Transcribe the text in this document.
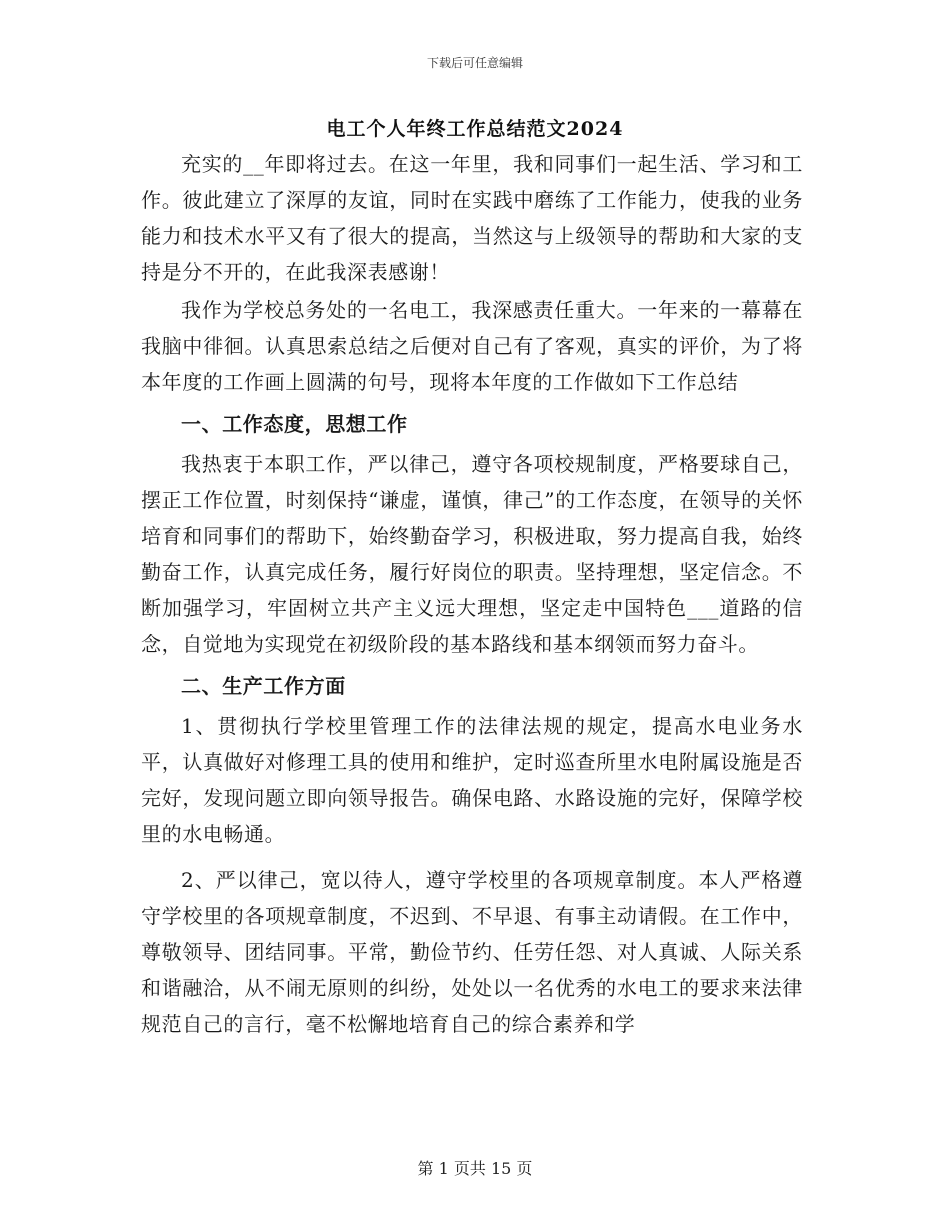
下载后可任意编辑
电工个人年终工作总结范文2024

充实的__年即将过去。在这一年里，我和同事们一起生活、学习和工作。彼此建立了深厚的友谊，同时在实践中磨练了工作能力，使我的业务能力和技术水平又有了很大的提高，当然这与上级领导的帮助和大家的支持是分不开的，在此我深表感谢！

我作为学校总务处的一名电工，我深感责任重大。一年来的一幕幕在我脑中徘徊。认真思索总结之后便对自己有了客观，真实的评价，为了将本年度的工作画上圆满的句号，现将本年度的工作做如下工作总结

一、工作态度，思想工作

我热衷于本职工作，严以律己，遵守各项校规制度，严格要球自己，摆正工作位置，时刻保持“谦虚，谨慎，律己”的工作态度，在领导的关怀培育和同事们的帮助下，始终勤奋学习，积极进取，努力提高自我，始终勤奋工作，认真完成任务，履行好岗位的职责。坚持理想，坚定信念。不断加强学习，牢固树立共产主义远大理想，坚定走中国特色___道路的信念，自觉地为实现党在初级阶段的基本路线和基本纲领而努力奋斗。

二、生产工作方面

1、贯彻执行学校里管理工作的法律法规的规定，提高水电业务水平，认真做好对修理工具的使用和维护，定时巡查所里水电附属设施是否完好，发现问题立即向领导报告。确保电路、水路设施的完好，保障学校里的水电畅通。

2、严以律己，宽以待人，遵守学校里的各项规章制度。本人严格遵守学校里的各项规章制度，不迟到、不早退、有事主动请假。在工作中，尊敬领导、团结同事。平常，勤俭节约、任劳任怨、对人真诚、人际关系和谐融洽，从不闹无原则的纠纷，处处以一名优秀的水电工的要求来法律规范自己的言行，毫不松懈地培育自己的综合素养和学

第 1 页共 15 页
